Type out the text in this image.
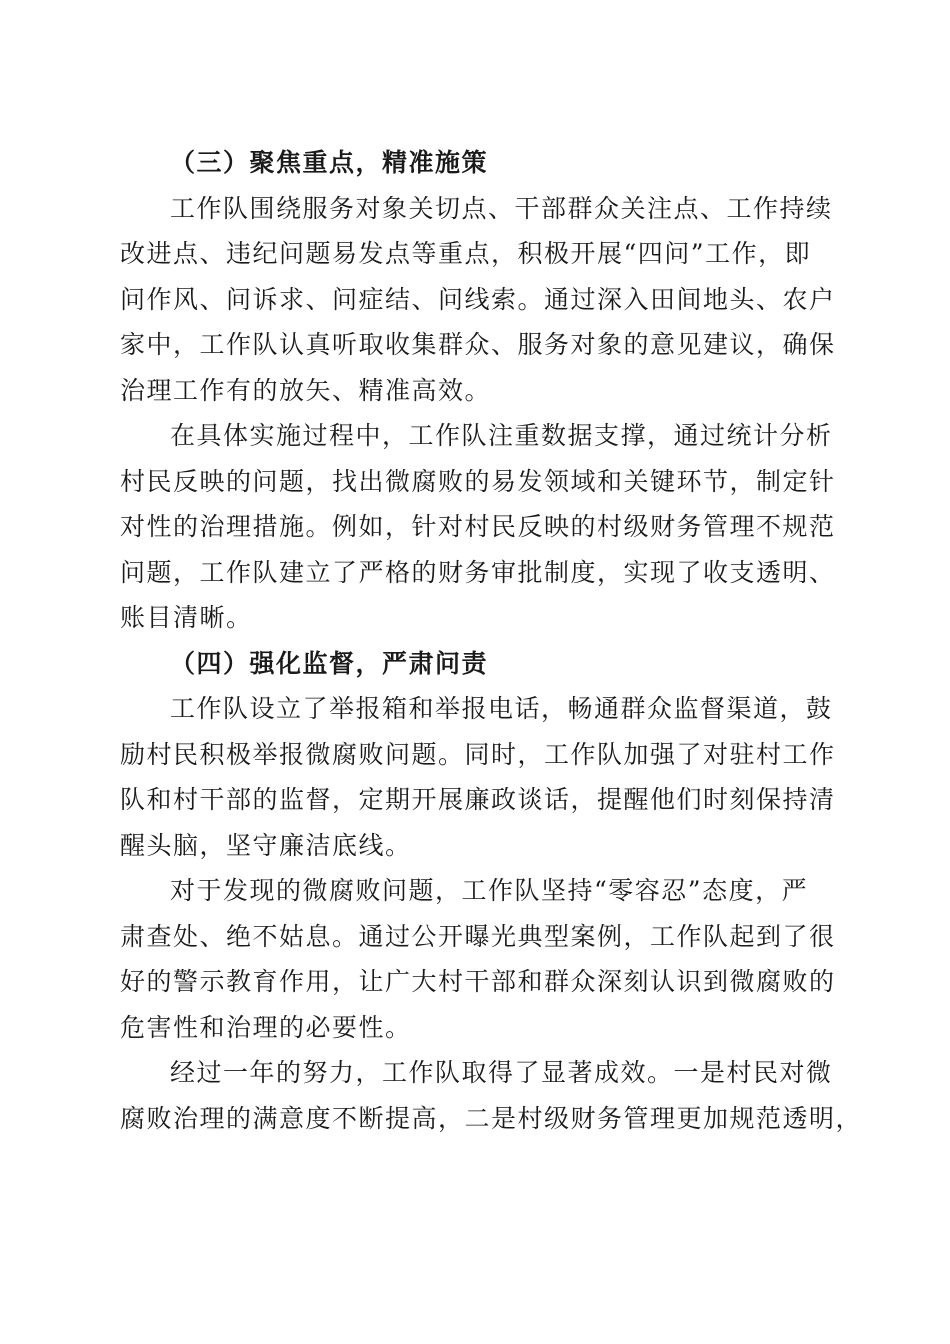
（三）聚焦重点，精准施策

工作队围绕服务对象关切点、干部群众关注点、工作持续
改进点、违纪问题易发点等重点，积极开展“四问”工作，即
问作风、问诉求、问症结、问线索。通过深入田间地头、农户
家中，工作队认真听取收集群众、服务对象的意见建议，确保
治理工作有的放矢、精准高效。

在具体实施过程中，工作队注重数据支撑，通过统计分析
村民反映的问题，找出微腐败的易发领域和关键环节，制定针
对性的治理措施。例如，针对村民反映的村级财务管理不规范
问题，工作队建立了严格的财务审批制度，实现了收支透明、
账目清晰。

（四）强化监督，严肃问责

工作队设立了举报箱和举报电话，畅通群众监督渠道，鼓
励村民积极举报微腐败问题。同时，工作队加强了对驻村工作
队和村干部的监督，定期开展廉政谈话，提醒他们时刻保持清
醒头脑，坚守廉洁底线。

对于发现的微腐败问题，工作队坚持“零容忍”态度，严
肃查处、绝不姑息。通过公开曝光典型案例，工作队起到了很
好的警示教育作用，让广大村干部和群众深刻认识到微腐败的
危害性和治理的必要性。

经过一年的努力，工作队取得了显著成效。一是村民对微
腐败治理的满意度不断提高，二是村级财务管理更加规范透明，
